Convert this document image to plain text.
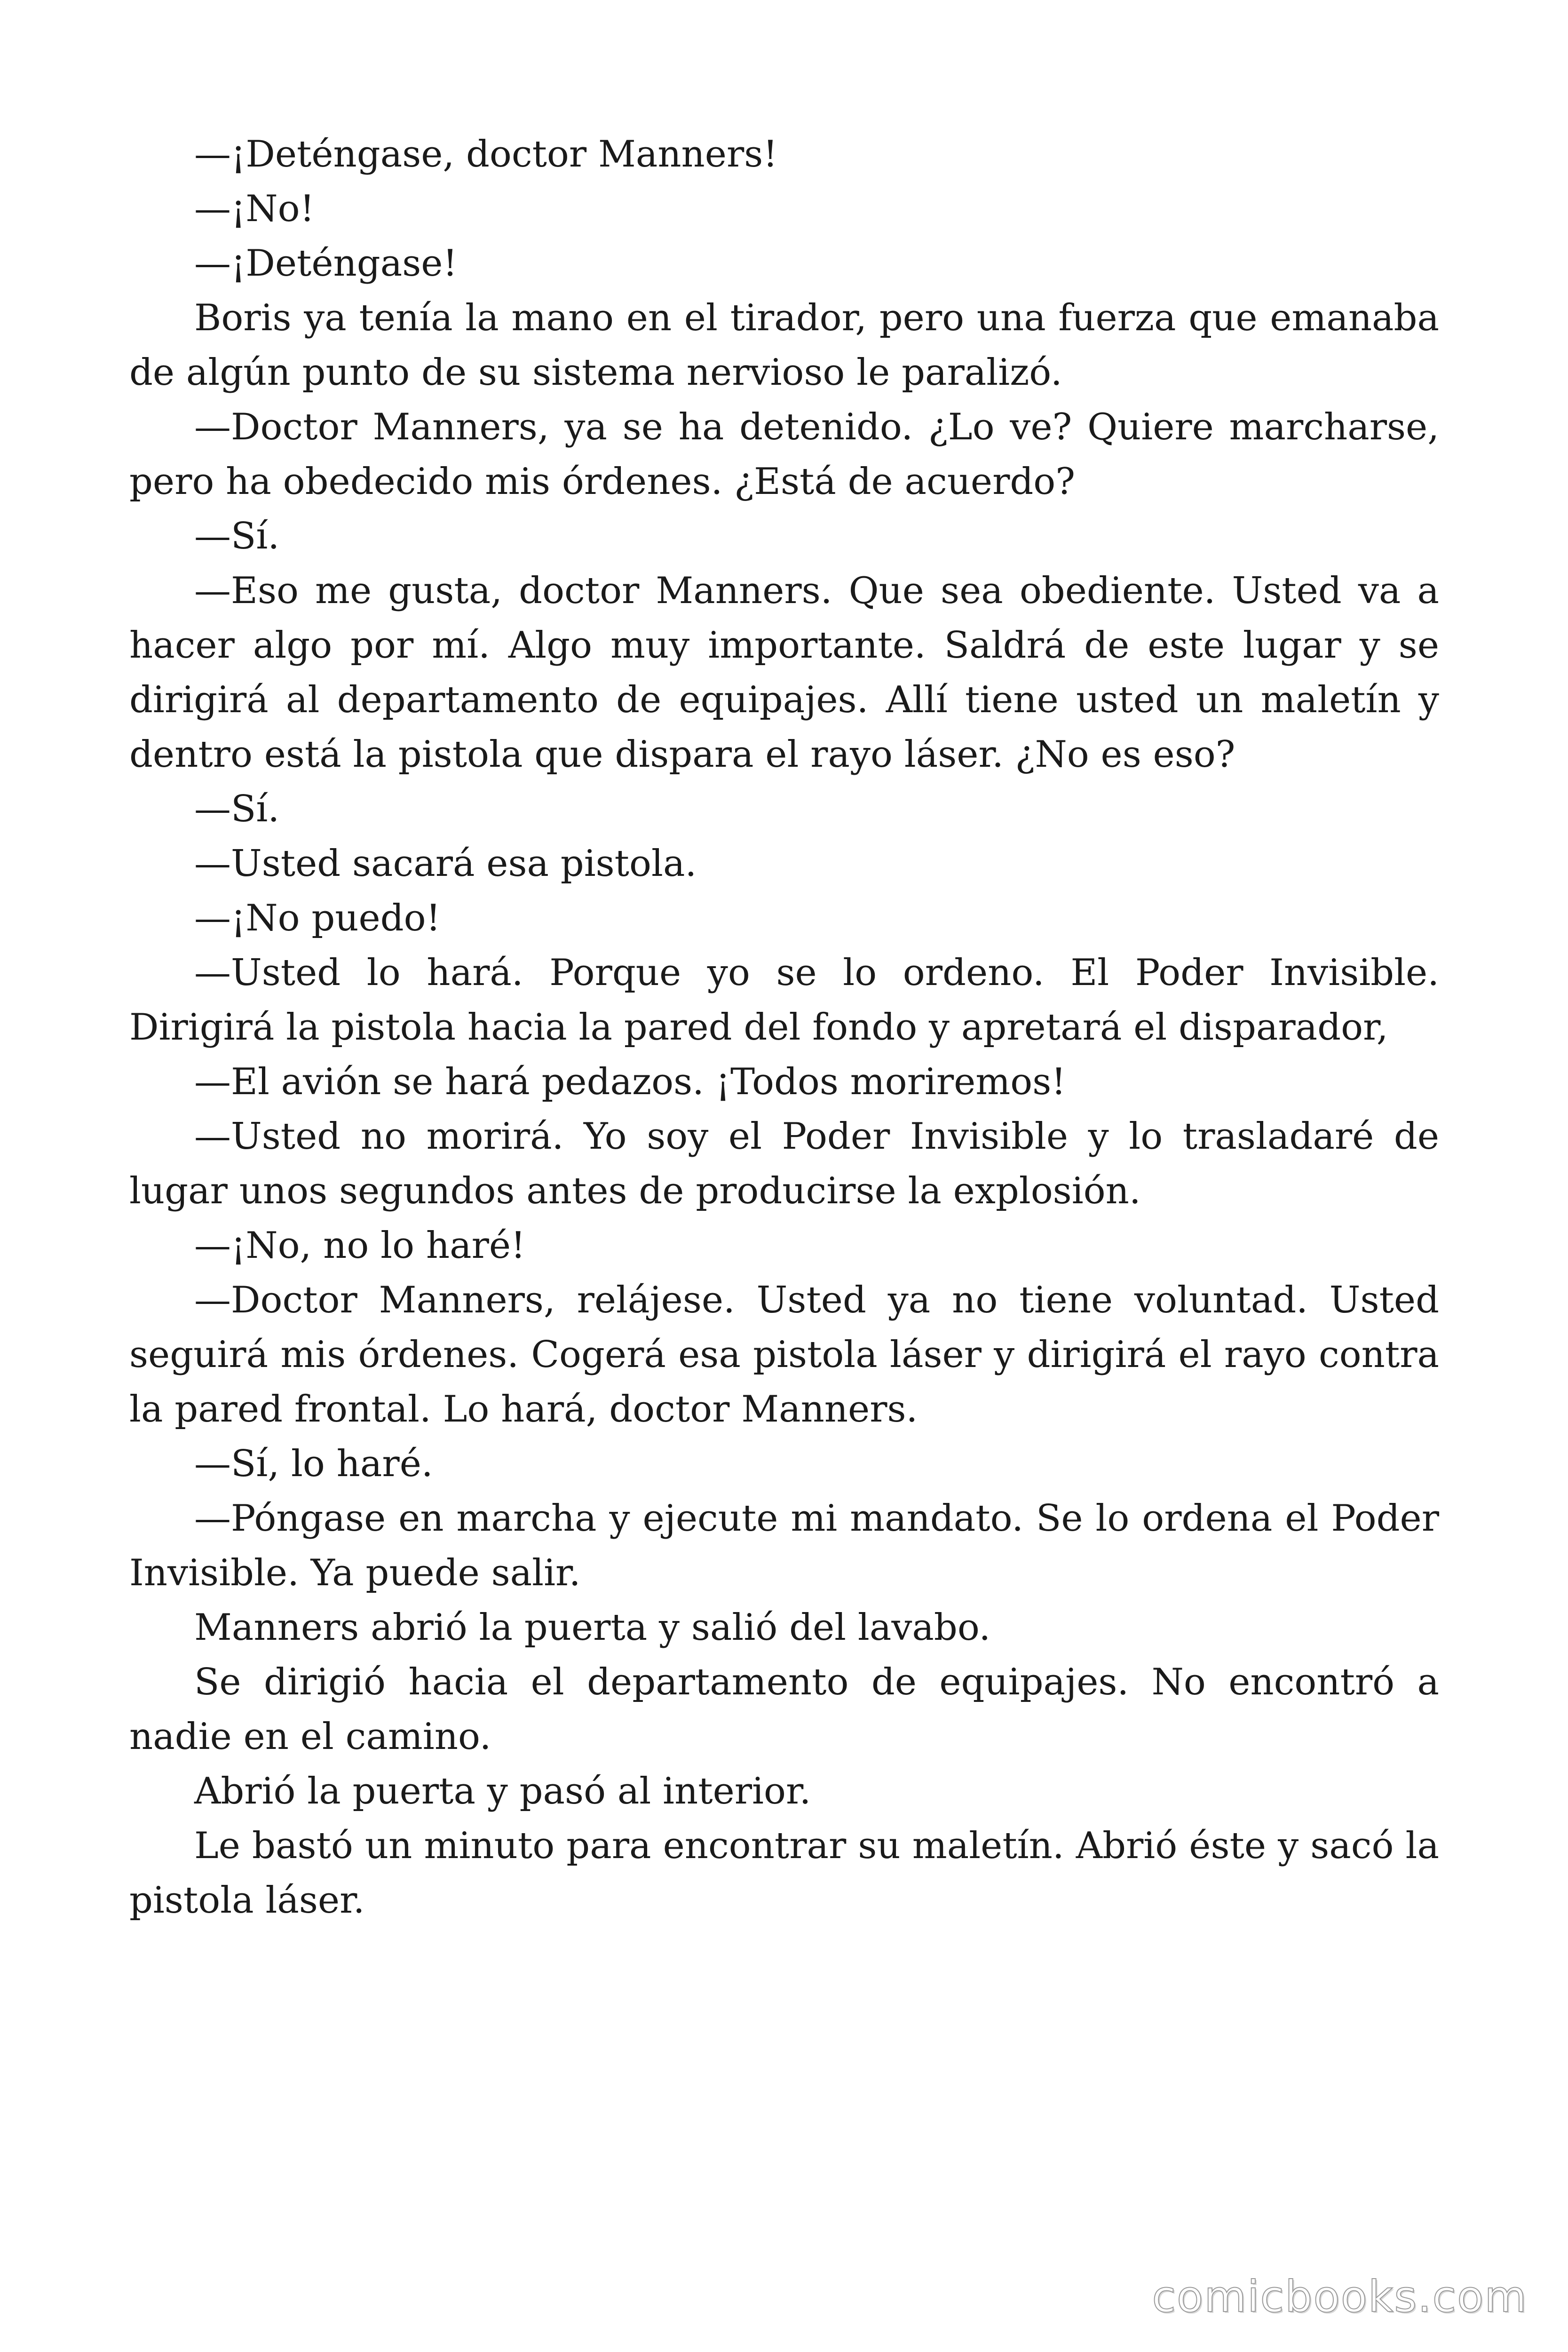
—¡Deténgase, doctor Manners!

—¡No!

—¡Deténgase!

Boris ya tenía la mano en el tirador, pero una fuerza que emanaba de algún punto de su sistema nervioso le paralizó.

—Doctor Manners, ya se ha detenido. ¿Lo ve? Quiere marcharse, pero ha obedecido mis órdenes. ¿Está de acuerdo?

—Sí.

—Eso me gusta, doctor Manners. Que sea obediente. Usted va a hacer algo por mí. Algo muy importante. Saldrá de este lugar y se dirigirá al departamento de equipajes. Allí tiene usted un maletín y dentro está la pistola que dispara el rayo láser. ¿No es eso?

—Sí.

—Usted sacará esa pistola.

—¡No puedo!

—Usted lo hará. Porque yo se lo ordeno. El Poder Invisible. Dirigirá la pistola hacia la pared del fondo y apretará el disparador,

—El avión se hará pedazos. ¡Todos moriremos!

—Usted no morirá. Yo soy el Poder Invisible y lo trasladaré de lugar unos segundos antes de producirse la explosión.

—¡No, no lo haré!

—Doctor Manners, relájese. Usted ya no tiene voluntad. Usted seguirá mis órdenes. Cogerá esa pistola láser y dirigirá el rayo contra la pared frontal. Lo hará, doctor Manners.

—Sí, lo haré.

—Póngase en marcha y ejecute mi mandato. Se lo ordena el Poder Invisible. Ya puede salir.

Manners abrió la puerta y salió del lavabo.

Se dirigió hacia el departamento de equipajes. No encontró a nadie en el camino.

Abrió la puerta y pasó al interior.

Le bastó un minuto para encontrar su maletín. Abrió éste y sacó la pistola láser.

comicbooks.com
